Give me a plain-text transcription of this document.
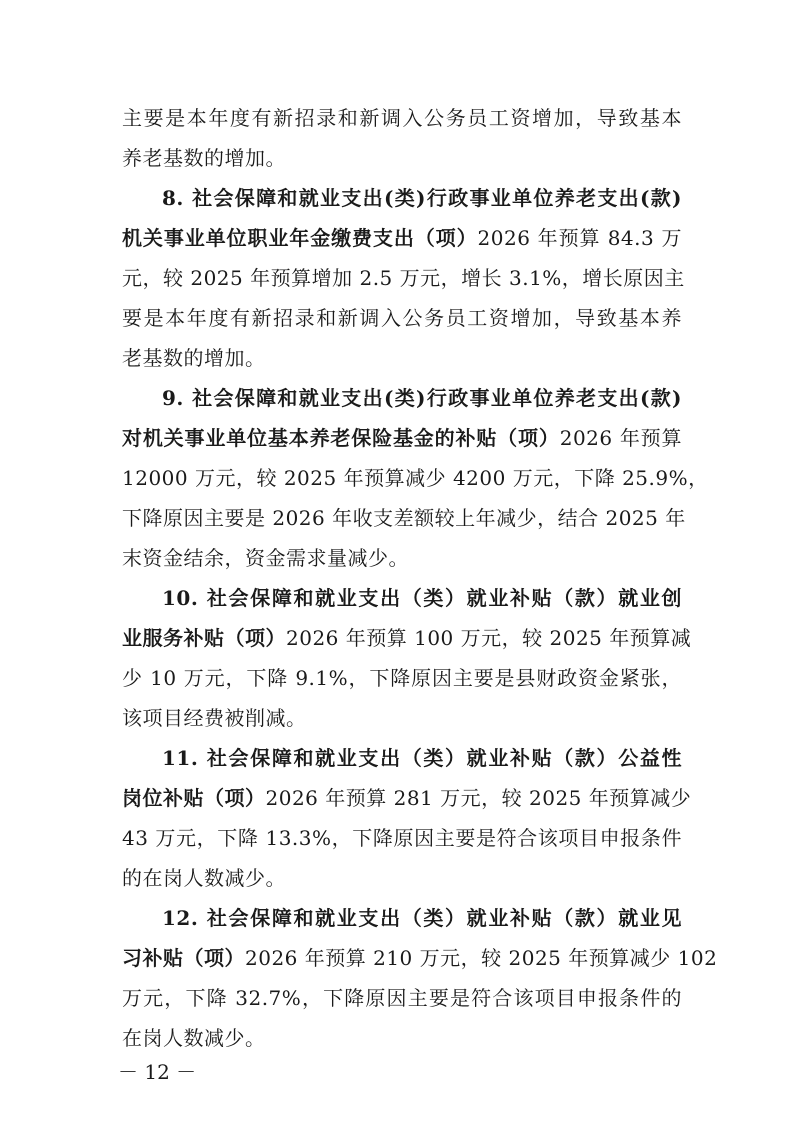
主要是本年度有新招录和新调入公务员工资增加，导致基本
养老基数的增加。
8. 社会保障和就业支出(类)行政事业单位养老支出(款)
机关事业单位职业年金缴费支出（项）2026 年预算 84.3 万
元，较 2025 年预算增加 2.5 万元，增长 3.1%，增长原因主
要是本年度有新招录和新调入公务员工资增加，导致基本养
老基数的增加。
9. 社会保障和就业支出(类)行政事业单位养老支出(款)
对机关事业单位基本养老保险基金的补贴（项）2026 年预算
12000 万元，较 2025 年预算减少 4200 万元，下降 25.9%，
下降原因主要是 2026 年收支差额较上年减少，结合 2025 年
末资金结余，资金需求量减少。
10. 社会保障和就业支出（类）就业补贴（款）就业创
业服务补贴（项）2026 年预算 100 万元，较 2025 年预算减
少 10 万元，下降 9.1%，下降原因主要是县财政资金紧张，
该项目经费被削减。
11. 社会保障和就业支出（类）就业补贴（款）公益性
岗位补贴（项）2026 年预算 281 万元，较 2025 年预算减少
43 万元，下降 13.3%，下降原因主要是符合该项目申报条件
的在岗人数减少。
12. 社会保障和就业支出（类）就业补贴（款）就业见
习补贴（项）2026 年预算 210 万元，较 2025 年预算减少 102
万元，下降 32.7%，下降原因主要是符合该项目申报条件的
在岗人数减少。
－ 12 －
